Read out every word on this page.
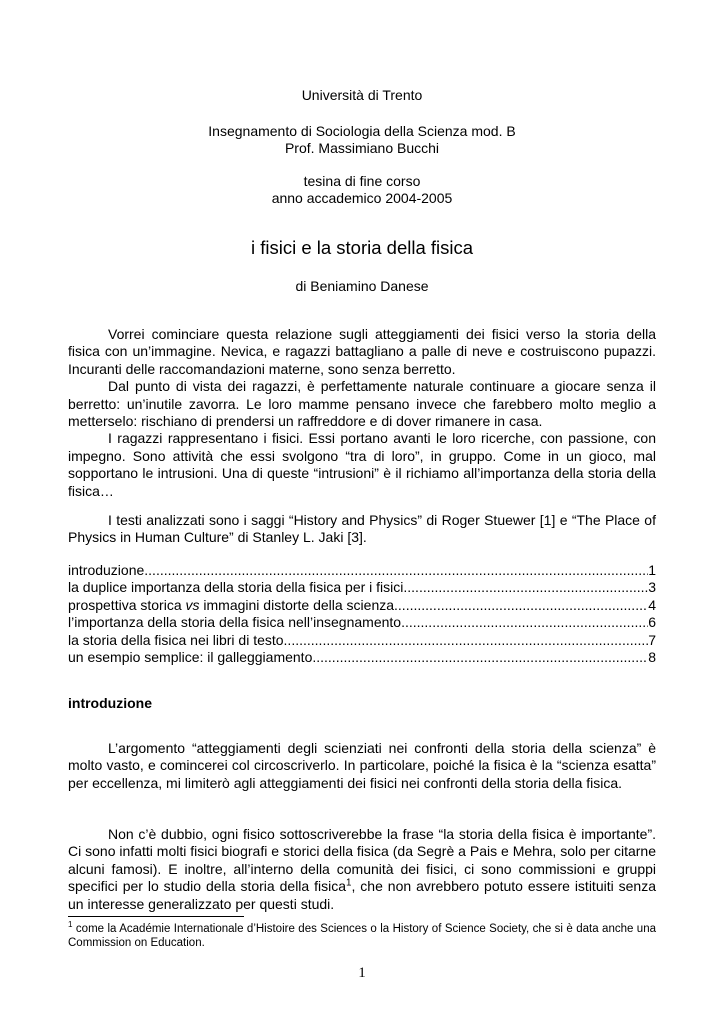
Università di Trento

Insegnamento di Sociologia della Scienza mod. B

Prof. Massimiano Bucchi

tesina di fine corso

anno accademico 2004-2005

i fisici e la storia della fisica

di Beniamino Danese

Vorrei cominciare questa relazione sugli atteggiamenti dei fisici verso la storia della fisica con un’immagine. Nevica, e ragazzi battagliano a palle di neve e costruiscono pupazzi. Incuranti delle raccomandazioni materne, sono senza berretto.

Dal punto di vista dei ragazzi, è perfettamente naturale continuare a giocare senza il berretto: un’inutile zavorra. Le loro mamme pensano invece che farebbero molto meglio a metterselo: rischiano di prendersi un raffreddore e di dover rimanere in casa.

I ragazzi rappresentano i fisici. Essi portano avanti le loro ricerche, con passione, con impegno. Sono attività che essi svolgono “tra di loro”, in gruppo. Come in un gioco, mal sopportano le intrusioni. Una di queste “intrusioni” è il richiamo all’importanza della storia della fisica…

I testi analizzati sono i saggi “History and Physics” di Roger Stuewer [1] e “The Place of Physics in Human Culture” di Stanley L. Jaki [3].

introduzione .....	1
la duplice importanza della storia della fisica per i fisici .....	3
prospettiva storica vs immagini distorte della scienza .....	4
l’importanza della storia della fisica nell’insegnamento .....	6
la storia della fisica nei libri di testo .....	7
un esempio semplice: il galleggiamento .....	8

introduzione

L’argomento “atteggiamenti degli scienziati nei confronti della storia della scienza” è molto vasto, e comincerei col circoscriverlo. In particolare, poiché la fisica è la “scienza esatta” per eccellenza, mi limiterò agli atteggiamenti dei fisici nei confronti della storia della fisica.

Non c’è dubbio, ogni fisico sottoscriverebbe la frase “la storia della fisica è importante”. Ci sono infatti molti fisici biografi e storici della fisica (da Segrè a Pais e Mehra, solo per citarne alcuni famosi). E inoltre, all’interno della comunità dei fisici, ci sono commissioni e gruppi specifici per lo studio della storia della fisica$^1$, che non avrebbero potuto essere istituiti senza un interesse generalizzato per questi studi.

$^1$ come la Académie Internationale d’Histoire des Sciences o la History of Science Society, che si è data anche una Commission on Education.

1
